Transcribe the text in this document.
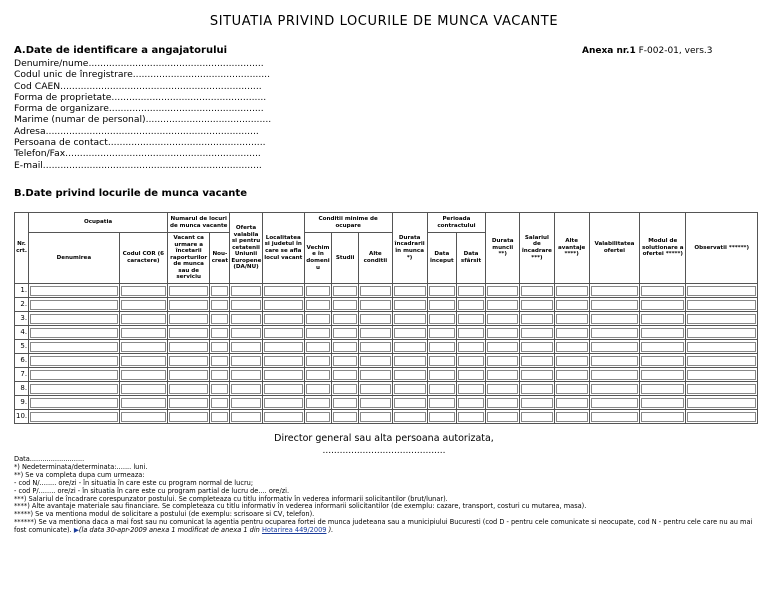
SITUATIA PRIVIND LOCURILE DE MUNCA VACANTE
A.Date de identificare a angajatorului	Anexa nr.1 F-002-01, vers.3
Denumire/nume............................................................
Codul unic de înregistrare...............................................
Cod CAEN.....................................................................
Forma de proprietate.....................................................
Forma de organizare.....................................................
Marime (numar de personal)...........................................
Adresa.........................................................................
Persoana de contact......................................................
Telefon/Fax...................................................................
E-mail...........................................................................
B.Date privind locurile de munca vacante
Nr. crt.	Ocupatia		Numarul de locuri de munca vacante		Oferta valabila si pentru cetatenii Uniunii Europene (DA/NU)	Localitatea si judetul în care se afla locul vacant	Conditii minime de ocupare			Durata încadrarii în munca *)	Perioada contractului		Durata muncii **)	Salariul de încadrare ***)	Alte avantaje ****)	Valabilitatea ofertei	Modul de solutionare a ofertei *****)	Observatii ******)
	Denumirea	Codul COR (6 caractere)	Vacant ca urmare a încetarii raporturilor de munca sau de serviciu	Nou-creat			Vechim e în domeni u	Studii	Alte conditii		Data început	Data sfârsit						
1.	

2.	

3.	

4.	

5.	

6.	

7.	

8.	

9.	

10.	

Director general sau alta persoana autorizata,
...........................................
Data..........................
*) Nedeterminata/determinata:....... luni.
**) Se va completa dupa cum urmeaza:
- cod N/........ ore/zi - în situatia în care este cu program normal de lucru;
- cod P/........ ore/zi - în situatia în care este cu program partial de lucru de.... ore/zi.
***) Salariul de încadrare corespunzator postului. Se completeaza cu titlu informativ în vederea informarii solicitantilor (brut/lunar).
****) Alte avantaje materiale sau financiare. Se completeaza cu titlu informativ în vederea informarii solicitantilor (de exemplu: cazare, transport, costuri cu mutarea, masa).
*****) Se va mentiona modul de solicitare a postului (de exemplu: scrisoare si CV, telefon).
******) Se va mentiona daca a mai fost sau nu comunicat la agentia pentru ocuparea fortei de munca judeteana sau a municipiului Bucuresti (cod D - pentru cele comunicate si neocupate, cod N - pentru cele care nu au mai fost comunicate). ▶(la data 30-apr-2009 anexa 1 modificat de anexa 1 din Hotarirea 449/2009 ).
